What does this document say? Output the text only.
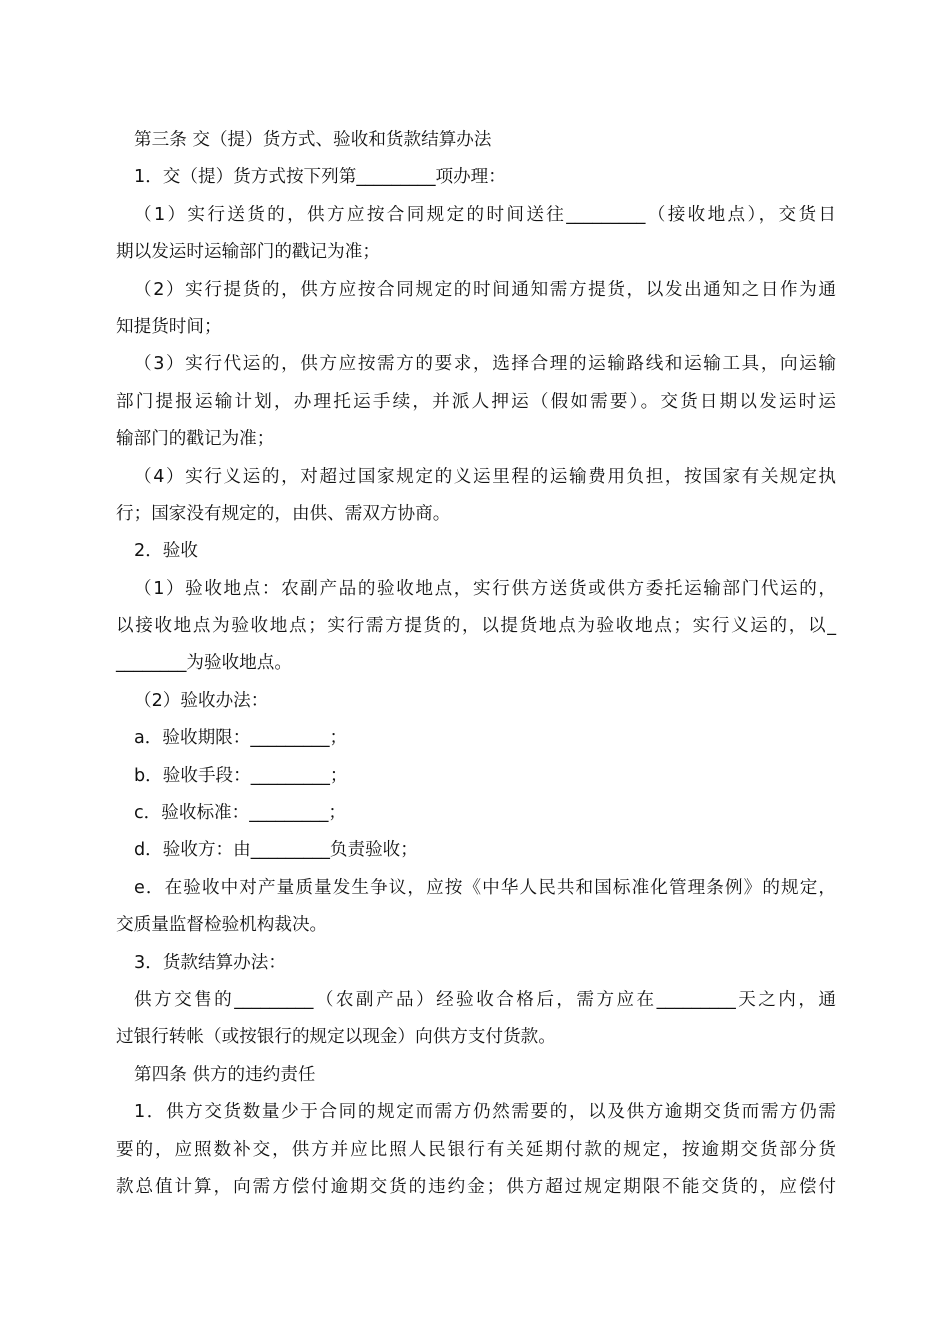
第三条 交（提）货方式、验收和货款结算办法
1．交（提）货方式按下列第_________项办理：
（1）实行送货的，供方应按合同规定的时间送往_________（接收地点），交货日
期以发运时运输部门的戳记为准；
（2）实行提货的，供方应按合同规定的时间通知需方提货，以发出通知之日作为通
知提货时间；
（3）实行代运的，供方应按需方的要求，选择合理的运输路线和运输工具，向运输
部门提报运输计划，办理托运手续，并派人押运（假如需要）。交货日期以发运时运
输部门的戳记为准；
（4）实行义运的，对超过国家规定的义运里程的运输费用负担，按国家有关规定执
行；国家没有规定的，由供、需双方协商。
2．验收
（1）验收地点：农副产品的验收地点，实行供方送货或供方委托运输部门代运的，
以接收地点为验收地点；实行需方提货的，以提货地点为验收地点；实行义运的，以_
________为验收地点。
（2）验收办法：
a．验收期限：_________；
b．验收手段：_________；
c．验收标准：_________；
d．验收方：由_________负责验收；
e．在验收中对产量质量发生争议，应按《中华人民共和国标准化管理条例》的规定，
交质量监督检验机构裁决。
3．货款结算办法：
供方交售的_________（农副产品）经验收合格后，需方应在_________天之内，通
过银行转帐（或按银行的规定以现金）向供方支付货款。
第四条 供方的违约责任
1．供方交货数量少于合同的规定而需方仍然需要的，以及供方逾期交货而需方仍需
要的，应照数补交，供方并应比照人民银行有关延期付款的规定，按逾期交货部分货
款总值计算，向需方偿付逾期交货的违约金；供方超过规定期限不能交货的，应偿付
